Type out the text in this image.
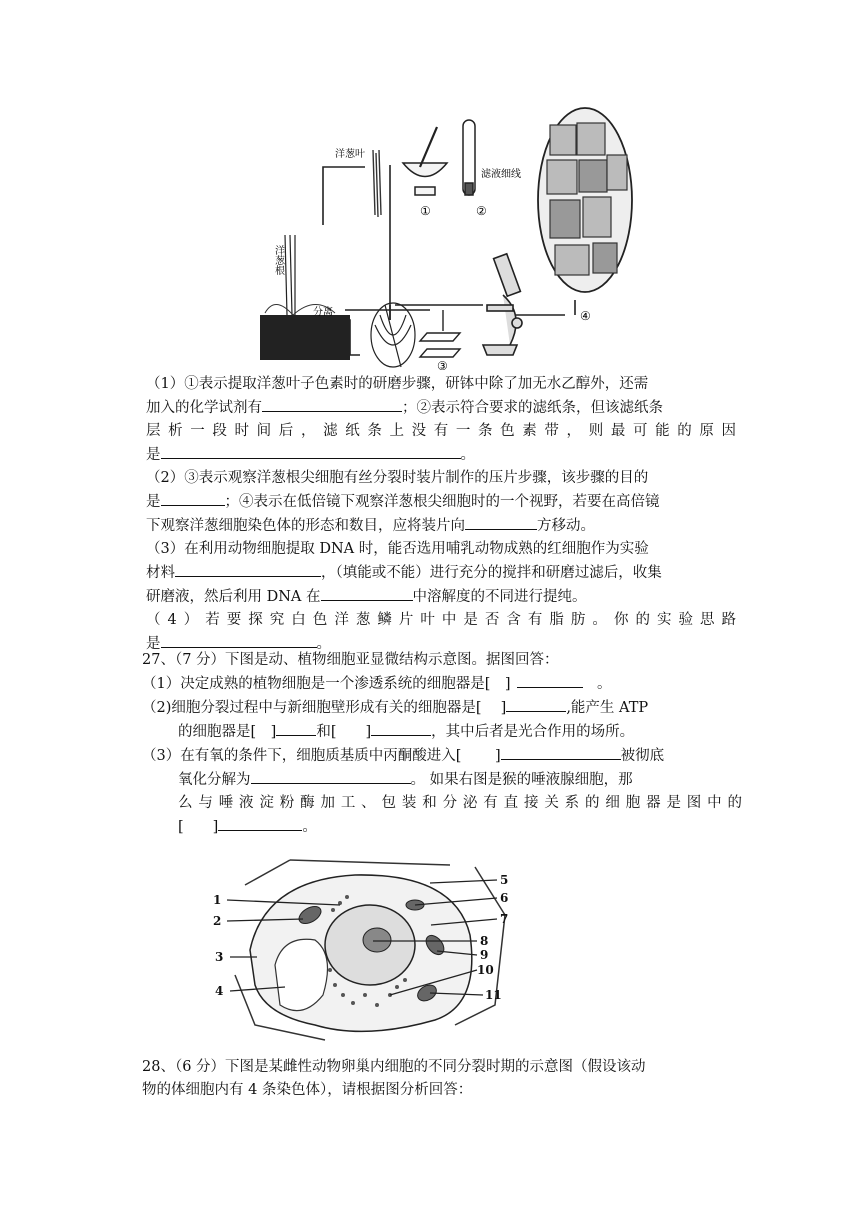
洋葱叶
①
滤液细线
②
④
洋葱根
分离
③
（1）①表示提取洋葱叶子色素时的研磨步骤，研钵中除了加无水乙醇外，还需
加入的化学试剂有	；②表示符合要求的滤纸条，但该滤纸条
层析一段时间后，滤纸条上没有一条色素带，则最可能的原因
是	。
（2）③表示观察洋葱根尖细胞有丝分裂时装片制作的压片步骤，该步骤的目的
是	；④表示在低倍镜下观察洋葱根尖细胞时的一个视野，若要在高倍镜
下观察洋葱细胞染色体的形态和数目，应将装片向	方移动。
（3）在利用动物细胞提取 DNA 时，能否选用哺乳动物成熟的红细胞作为实验
材料	，（填能或不能）进行充分的搅拌和研磨过滤后，收集
研磨液，然后利用 DNA 在	中溶解度的不同进行提纯。
（4）若要探究白色洋葱鳞片叶中是否含有脂肪。你的实验思路
是	。
27、（7 分）下图是动、植物细胞亚显微结构示意图。据图回答：
（1）决定成熟的植物细胞是一个渗透系统的细胞器是[　]	　。
（2)细胞分裂过程中与新细胞壁形成有关的细胞器是[　 ]	,能产生 ATP
的细胞器是[　]	和[　　]	，其中后者是光合作用的场所。
（3）在有氧的条件下，细胞质基质中丙酮酸进入[　　 ]	被彻底
氧化分解为	。 如果右图是猴的唾液腺细胞，那
么与唾液淀粉酶加工、包装和分泌有直接关系的细胞器是图中的
[　　]	。
1
2
3
4
5
6
7
8
9
10
11
28、（6 分）下图是某雌性动物卵巢内细胞的不同分裂时期的示意图（假设该动
物的体细胞内有 4 条染色体），请根据图分析回答：
